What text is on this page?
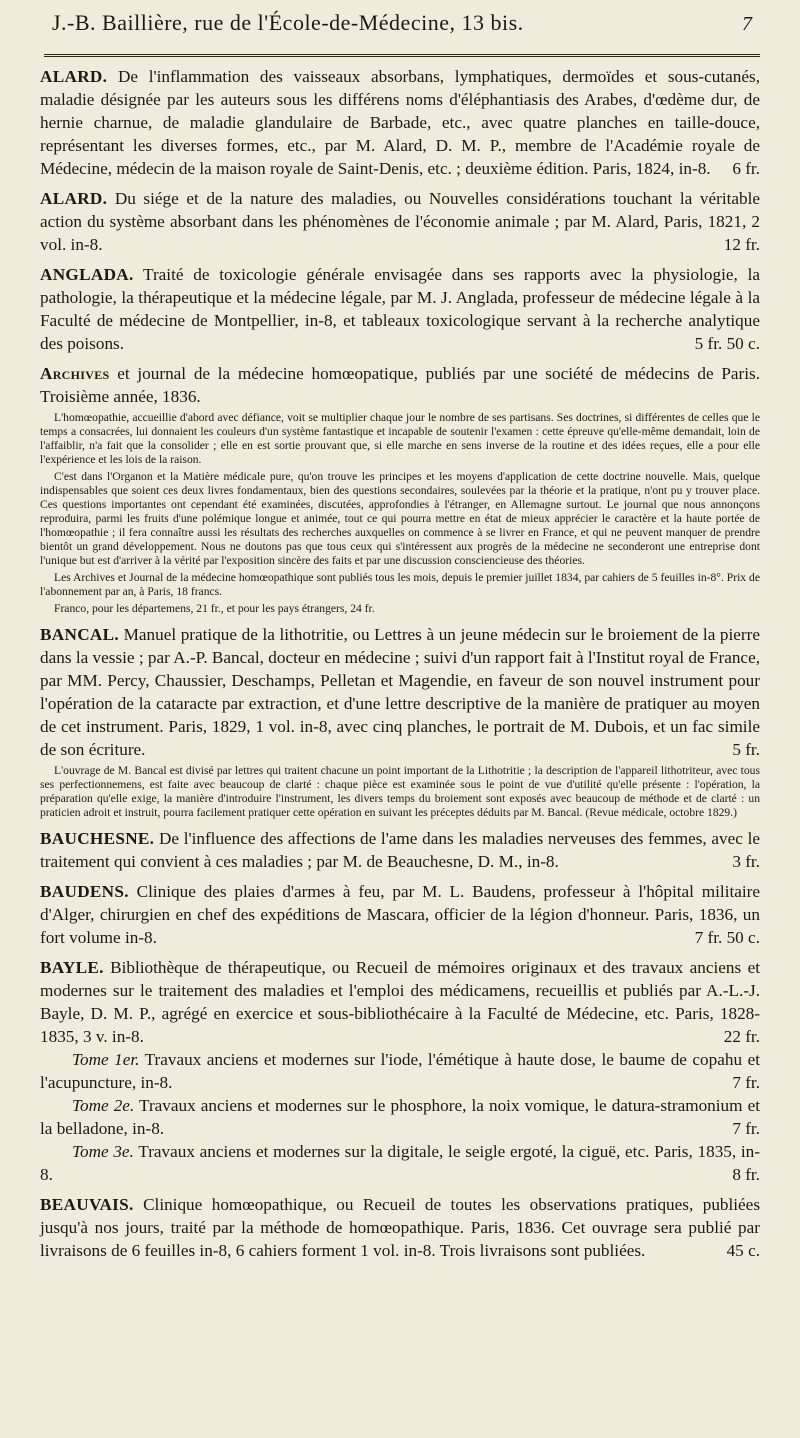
J.-B. Baillière, rue de l'École-de-Médecine, 13 bis.	7

ALARD. De l'inflammation des vaisseaux absorbans, lymphatiques, dermoïdes et sous-cutanés, maladie désignée par les auteurs sous les différens noms d'éléphantiasis des Arabes, d'œdème dur, de hernie charnue, de maladie glandulaire de Barbade, etc., avec quatre planches en taille-douce, représentant les diverses formes, etc., par M. Alard, D. M. P., membre de l'Académie royale de Médecine, médecin de la maison royale de Saint-Denis, etc. ; deuxième édition. Paris, 1824, in-8.	6 fr.

ALARD. Du siége et de la nature des maladies, ou Nouvelles considérations touchant la véritable action du système absorbant dans les phénomènes de l'économie animale ; par M. Alard, Paris, 1821, 2 vol. in-8.	12 fr.

ANGLADA. Traité de toxicologie générale envisagée dans ses rapports avec la physiologie, la pathologie, la thérapeutique et la médecine légale, par M. J. Anglada, professeur de médecine légale à la Faculté de médecine de Montpellier, in-8, et tableaux toxicologique servant à la recherche analytique des poisons.	5 fr. 50 c.

Archives et journal de la médecine homœopatique, publiés par une société de médecins de Paris. Troisième année, 1836.

L'homœopathie, accueillie d'abord avec défiance, voit se multiplier chaque jour le nombre de ses partisans. Ses doctrines, si différentes de celles que le temps a consacrées, lui donnaient les couleurs d'un système fantastique et incapable de soutenir l'examen : cette épreuve qu'elle-même demandait, loin de l'affaiblir, n'a fait que la consolider ; elle en est sortie prouvant que, si elle marche en sens inverse de la routine et des idées reçues, elle a pour elle l'expérience et les lois de la raison.

C'est dans l'Organon et la Matière médicale pure, qu'on trouve les principes et les moyens d'application de cette doctrine nouvelle. Mais, quelque indispensables que soient ces deux livres fondamentaux, bien des questions secondaires, soulevées par la théorie et la pratique, n'ont pu y trouver place. Ces questions importantes ont cependant été examinées, discutées, approfondies à l'étranger, en Allemagne surtout. Le journal que nous annonçons reproduira, parmi les fruits d'une polémique longue et animée, tout ce qui pourra mettre en état de mieux apprécier le caractère et la haute portée de l'homœopathie ; il fera connaître aussi les résultats des recherches auxquelles on commence à se livrer en France, et qui ne peuvent manquer de prendre bientôt un grand développement. Nous ne doutons pas que tous ceux qui s'intéressent aux progrès de la médecine ne seconderont une entreprise dont l'unique but est d'arriver à la vérité par l'exposition sincère des faits et par une discussion consciencieuse des théories.

Les Archives et Journal de la médecine homœopathique sont publiés tous les mois, depuis le premier juillet 1834, par cahiers de 5 feuilles in-8°. Prix de l'abonnement par an, à Paris, 18 francs.

Franco, pour les départemens, 21 fr., et pour les pays étrangers, 24 fr.

BANCAL. Manuel pratique de la lithotritie, ou Lettres à un jeune médecin sur le broiement de la pierre dans la vessie ; par A.-P. Bancal, docteur en médecine ; suivi d'un rapport fait à l'Institut royal de France, par MM. Percy, Chaussier, Deschamps, Pelletan et Magendie, en faveur de son nouvel instrument pour l'opération de la cataracte par extraction, et d'une lettre descriptive de la manière de pratiquer au moyen de cet instrument. Paris, 1829, 1 vol. in-8, avec cinq planches, le portrait de M. Dubois, et un fac simile de son écriture.	5 fr.

L'ouvrage de M. Bancal est divisé par lettres qui traitent chacune un point important de la Lithotritie ; la description de l'appareil lithotriteur, avec tous ses perfectionnemens, est faite avec beaucoup de clarté : chaque pièce est examinée sous le point de vue d'utilité qu'elle présente : l'opération, la préparation qu'elle exige, la manière d'introduire l'instrument, les divers temps du broiement sont exposés avec beaucoup de méthode et de clarté : un praticien adroit et instruit, pourra facilement pratiquer cette opération en suivant les préceptes déduits par M. Bancal. (Revue médicale, octobre 1829.)

BAUCHESNE. De l'influence des affections de l'ame dans les maladies nerveuses des femmes, avec le traitement qui convient à ces maladies ; par M. de Beauchesne, D. M., in-8.	3 fr.

BAUDENS. Clinique des plaies d'armes à feu, par M. L. Baudens, professeur à l'hôpital militaire d'Alger, chirurgien en chef des expéditions de Mascara, officier de la légion d'honneur. Paris, 1836, un fort volume in-8.	7 fr. 50 c.

BAYLE. Bibliothèque de thérapeutique, ou Recueil de mémoires originaux et des travaux anciens et modernes sur le traitement des maladies et l'emploi des médicamens, recueillis et publiés par A.-L.-J. Bayle, D. M. P., agrégé en exercice et sous-bibliothécaire à la Faculté de Médecine, etc. Paris, 1828-1835, 3 v. in-8.	22 fr.

Tome 1er. Travaux anciens et modernes sur l'iode, l'émétique à haute dose, le baume de copahu et l'acupuncture, in-8.	7 fr.

Tome 2e. Travaux anciens et modernes sur le phosphore, la noix vomique, le datura-stramonium et la belladone, in-8.	7 fr.

Tome 3e. Travaux anciens et modernes sur la digitale, le seigle ergoté, la ciguë, etc. Paris, 1835, in-8.	8 fr.

BEAUVAIS. Clinique homœopathique, ou Recueil de toutes les observations pratiques, publiées jusqu'à nos jours, traité par la méthode de homœopathique. Paris, 1836. Cet ouvrage sera publié par livraisons de 6 feuilles in-8, 6 cahiers forment 1 vol. in-8. Trois livraisons sont publiées.	45 c.
